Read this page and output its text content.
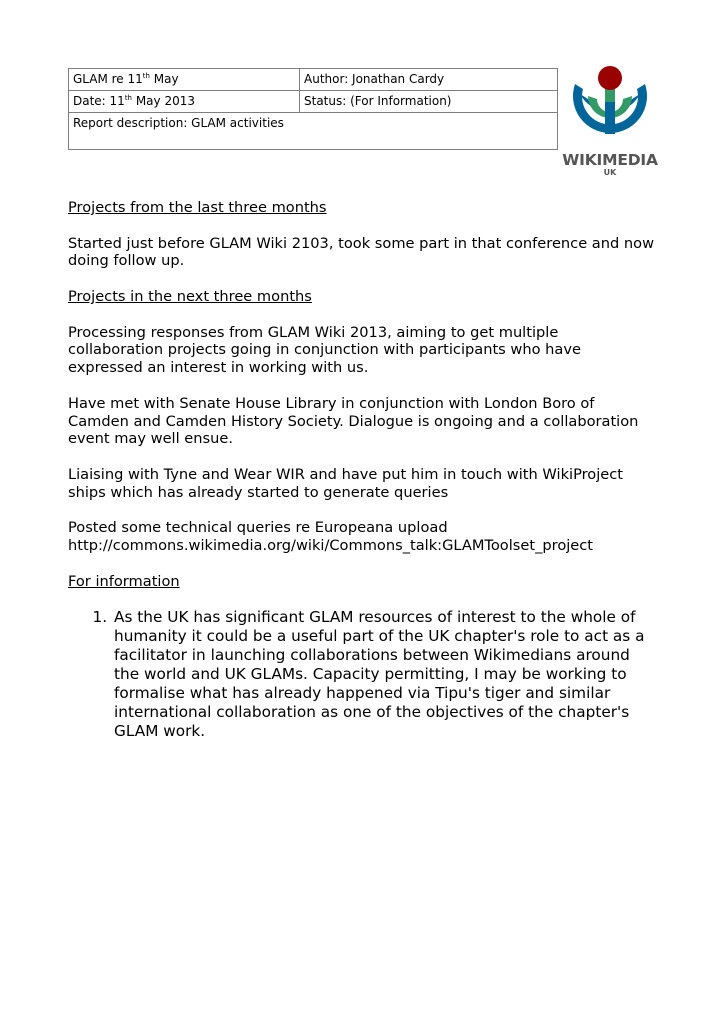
GLAM re 11th May	Author: Jonathan Cardy
Date: 11th May 2013	Status: (For Information)
Report description: GLAM activities	
WIKIMEDIA
UK

Projects from the last three months

Started just before GLAM Wiki 2103, took some part in that conference and now doing follow up.

Projects in the next three months

Processing responses from GLAM Wiki 2013, aiming to get multiple collaboration projects going in conjunction with participants who have expressed an interest in working with us.

Have met with Senate House Library in conjunction with London Boro of Camden and Camden History Society. Dialogue is ongoing and a collaboration event may well ensue.

Liaising with Tyne and Wear WIR and have put him in touch with WikiProject ships which has already started to generate queries

Posted some technical queries re Europeana upload
http://commons.wikimedia.org/wiki/Commons_talk:GLAMToolset_project

For information

1. As the UK has significant GLAM resources of interest to the whole of humanity it could be a useful part of the UK chapter's role to act as a facilitator in launching collaborations between Wikimedians around the world and UK GLAMs. Capacity permitting, I may be working to formalise what has already happened via Tipu's tiger and similar international collaboration as one of the objectives of the chapter's GLAM work.
